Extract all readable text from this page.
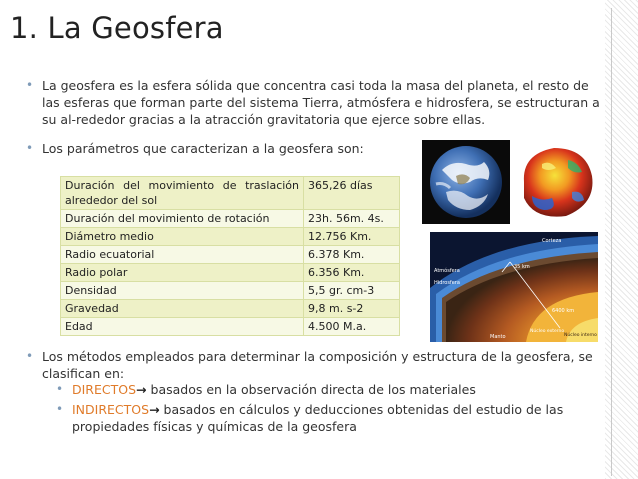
1. La Geosfera
• La geosfera es la esfera sólida que concentra casi toda la masa del planeta, el resto de las esferas que forman parte del sistema Tierra, atmósfera e hidrosfera, se estructuran a su al-rededor gracias a la atracción gravitatoria que ejerce sobre ellas.
• Los parámetros que caracterizan a la geosfera son:
Duración del movimiento de traslación alrededor del sol	365,26 días
Duración del movimiento de rotación	23h. 56m. 4s.
Diámetro medio	12.756 Km.
Radio ecuatorial	6.378 Km.
Radio polar	6.356 Km.
Densidad	5,5 gr. cm-3
Gravedad	9,8 m. s-2
Edad	4.500 M.a.
Corteza
Atmósfera
Hidrosfera
35 km
6400 km
Manto
Núcleo externo
Núcleo interno
• Los métodos empleados para determinar la composición y estructura de la geosfera, se clasifican en:
• DIRECTOS→ basados en la observación directa de los materiales
• INDIRECTOS→ basados en cálculos y deducciones obtenidas del estudio de las propiedades físicas y químicas de la geosfera
